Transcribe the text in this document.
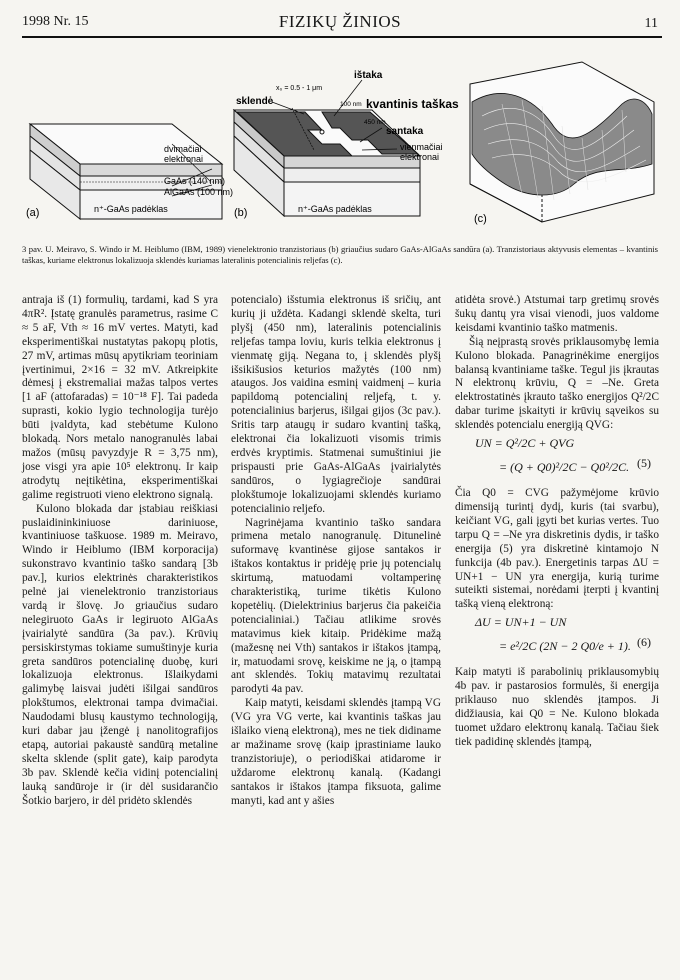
1998 Nr. 15	FIZIKŲ ŽINIOS	11
dvimačiai
elektronai
GaAs (140 nm)
AlGaAs (100 nm)
n⁺-GaAs padėklas
(a)
sklendė
x₀ = 0.5 - 1 μm
ištaka
100 nm kvantinis taškas
450 nm
santaka
vienmačiai
elektronai
n⁺-GaAs padėklas
(b)	(c)
3 pav. U. Meiravo, S. Windo ir M. Heiblumo (IBM, 1989) vienelektronio tranzistoriaus (b) griaučius sudaro GaAs-AlGaAs sandūra (a). Tranzistoriaus aktyvusis elementas – kvantinis taškas, kuriame elektronus lokalizuoja sklendės kuriamas lateralinis potencialinis reljefas (c).

antraja iš (1) formulių, tardami, kad S yra 4πR². Įstatę granulės parametrus, rasime C ≈ 5 aF, Vth ≈ 16 mV vertes. Matyti, kad eksperimentiškai nustatytas pakopų plotis, 27 mV, artimas mūsų apytikriam teoriniam įvertinimui, 2×16 = 32 mV. Atkreipkite dėmesį į ekstremaliai mažas talpos vertes [1 aF (attofaradas) = 10⁻¹⁸ F]. Tai padeda suprasti, kokio lygio technologija turėjo būti įvaldyta, kad stebėtume Kulono blokadą. Nors metalo nanogranulės labai mažos (mūsų pavyzdyje R = 3,75 nm), jose visgi yra apie 10⁵ elektronų. Ir kaip atrodytų neįtikėtina, eksperimentiškai galime registruoti vieno elektrono signalą.

Kulono blokada dar įstabiau reiškiasi puslaidininkiniuose dariniuose, kvantiniuose taškuose. 1989 m. Meiravo, Windo ir Heiblumo (IBM korporacija) sukonstravo kvantinio taško sandarą [3b pav.], kurios elektrinės charakteristikos pelnė jai vienelektronio tranzistoriaus vardą ir šlovę. Jo griaučius sudaro nelegiruoto GaAs ir legiruoto AlGaAs įvairialytė sandūra (3a pav.). Krūvių persiskirstymas tokiame sumuštinyje kuria greta sandūros potencialinę duobę, kuri lokalizuoja elektronus. Išlaikydami galimybę laisvai judėti išilgai sandūros plokštumos, elektronai tampa dvimačiai. Naudodami blusų kaustymo technologiją, kuri dabar jau įžengė į nanolitografijos etapą, autoriai pakaustė sandūrą metaline skelta sklende (split gate), kaip parodyta 3b pav. Sklendė kečia vidinį potencialinį lauką sandūroje ir (ir dėl susidarančio Šotkio barjero, ir dėl pridėto sklendės

potencialo) išstumia elektronus iš sričių, ant kurių ji uždėta. Kadangi sklendė skelta, turi plyšį (450 nm), lateralinis potencialinis reljefas tampa loviu, kuris telkia elektronus į vienmatę giją. Negana to, į sklendės plyšį išsikišusios keturios mažytės (100 nm) ataugos. Jos vaidina esminį vaidmenį – kuria papildomą potencialinį reljefą, t. y. potencialinius barjerus, išilgai gijos (3c pav.). Sritis tarp ataugų ir sudaro kvantinį tašką, elektronai čia lokalizuoti visomis trimis erdvės kryptimis. Statmenai sumuštiniui jie prispausti prie GaAs-AlGaAs įvairialytės sandūros, o lygiagrečioje sandūrai plokštumoje lokalizuojami sklendės kuriamo potencialinio reljefo.

Nagrinėjama kvantinio taško sandara primena metalo nanogranulę. Ditunelinė suformavę kvantinėse gijose santakos ir ištakos kontaktus ir pridėję prie jų potencialų skirtumą, matuodami voltamperinę charakteristiką, turime tikėtis Kulono kopetėlių. (Dielektrinius barjerus čia pakeičia potencialiniai.) Tačiau atlikime srovės matavimus kiek kitaip. Pridėkime mažą (mažesnę nei Vth) santakos ir ištakos įtampą, ir, matuodami srovę, keiskime ne ją, o įtampą ant sklendės. Tokių matavimų rezultatai parodyti 4a pav.

Kaip matyti, keisdami sklendės įtampą VG (VG yra VG verte, kai kvantinis taškas jau išlaiko vieną elektroną), mes ne tiek didiname ar mažiname srovę (kaip įprastiniame lauko tranzistoriuje), o periodiškai atidarome ir uždarome elektronų kanalą. (Kadangi santakos ir ištakos įtampa fiksuota, galime manyti, kad ant y ašies

atidėta srovė.) Atstumai tarp gretimų srovės šukų dantų yra visai vienodi, juos valdome keisdami kvantinio taško matmenis.

Šią neįprastą srovės priklausomybę lemia Kulono blokada. Panagrinėkime energijos balansą kvantiniame taške. Tegul jis įkrautas N elektronų krūviu, Q = –Ne. Greta elektrostatinės įkrauto taško energijos Q²/2C dabar turime įskaityti ir krūvių sąveikos su sklendės potencialu energiją QVG:

UN = Q²/2C + QVG
= (Q + Q0)²/2C − Q0²/2C. (5)

Čia Q0 = CVG pažymėjome krūvio dimensiją turintį dydį, kuris (tai svarbu), keičiant VG, gali įgyti bet kurias vertes. Tuo tarpu Q = –Ne yra diskretinis dydis, ir taško energija (5) yra diskretinė kintamojo N funkcija (4b pav.). Energetinis tarpas ΔU = UN+1 − UN yra energija, kurią turime suteikti sistemai, norėdami įterpti į kvantinį tašką vieną elektroną:

ΔU = UN+1 − UN
= e²/2C (2N − 2 Q0/e + 1). (6)

Kaip matyti iš parabolinių priklausomybių 4b pav. ir pastarosios formulės, ši energija priklauso nuo sklendės įtampos. Ji didžiausia, kai Q0 = Ne. Kulono blokada tuomet uždaro elektronų kanalą. Tačiau šiek tiek padidinę sklendės įtampą,
